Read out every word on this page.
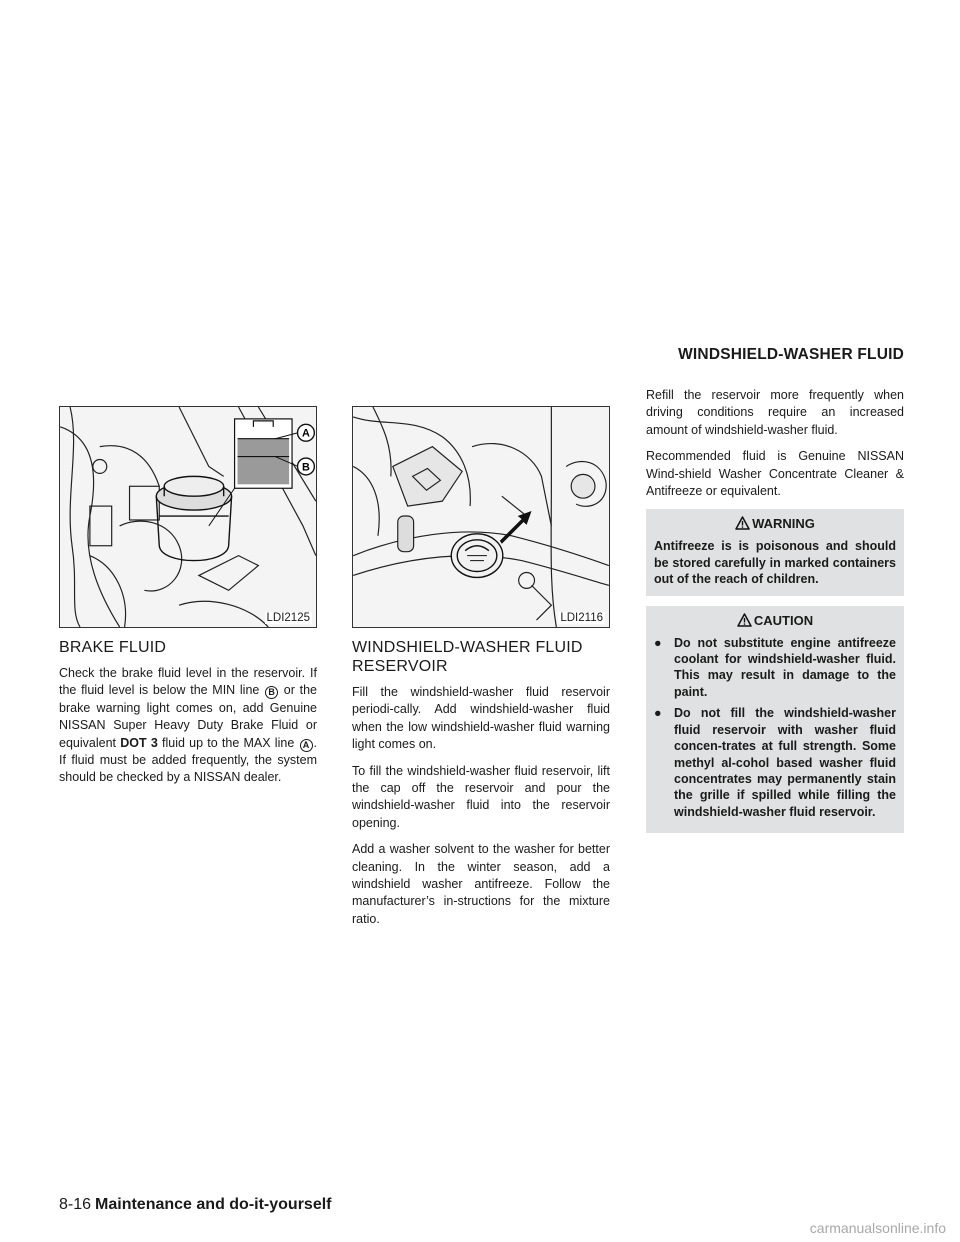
WINDSHIELD-WASHER FLUID
A
B
LDI2125
BRAKE FLUID

Check the brake fluid level in the reservoir. If the fluid level is below the MIN line B or the brake warning light comes on, add Genuine NISSAN Super Heavy Duty Brake Fluid or equivalent DOT 3 fluid up to the MAX line A . If fluid must be added frequently, the system should be checked by a NISSAN dealer.

LDI2116
WINDSHIELD-WASHER FLUID RESERVOIR

Fill the windshield-washer fluid reservoir periodi-cally. Add windshield-washer fluid when the low windshield-washer fluid warning light comes on.

To fill the windshield-washer fluid reservoir, lift the cap off the reservoir and pour the windshield-washer fluid into the reservoir opening.

Add a washer solvent to the washer for better cleaning. In the winter season, add a windshield washer antifreeze. Follow the manufacturer’s in-structions for the mixture ratio.

Refill the reservoir more frequently when driving conditions require an increased amount of windshield-washer fluid.

Recommended fluid is Genuine NISSAN Wind-shield Washer Concentrate Cleaner & Antifreeze or equivalent.

WARNING
Antifreeze is is poisonous and should be stored carefully in marked containers out of the reach of children.
CAUTION
● Do not substitute engine antifreeze coolant for windshield-washer fluid. This may result in damage to the paint.
● Do not fill the windshield-washer fluid reservoir with washer fluid concen-trates at full strength. Some methyl al-cohol based washer fluid concentrates may permanently stain the grille if spilled while filling the windshield-washer fluid reservoir.
8-16 Maintenance and do-it-yourself
carmanualsonline.info
